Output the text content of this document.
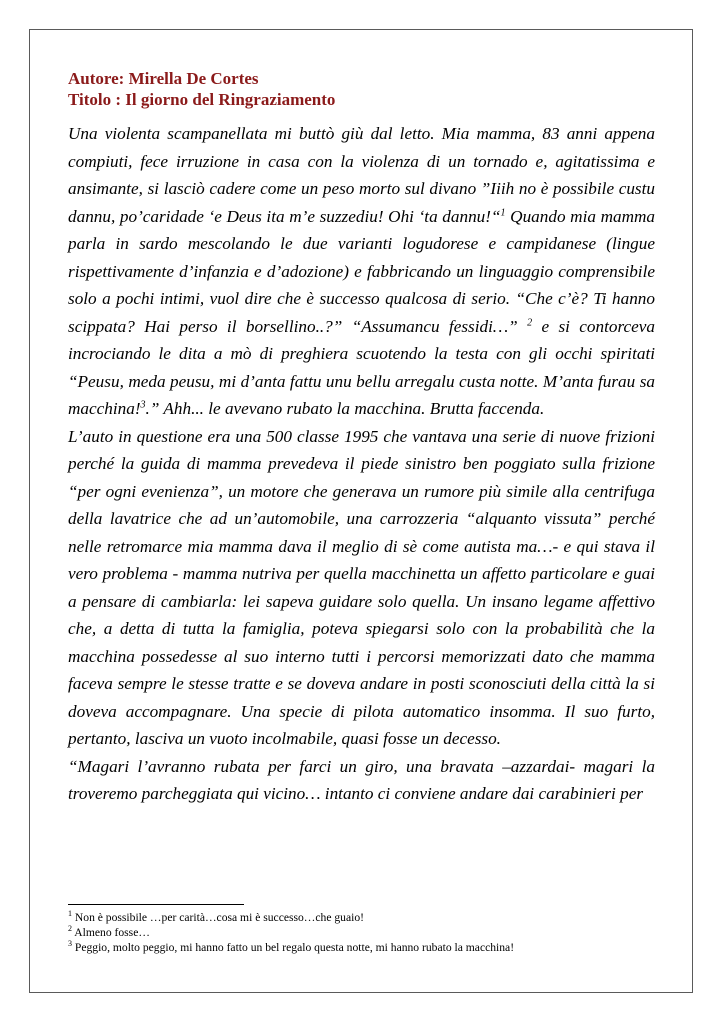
Autore: Mirella De Cortes
Titolo : Il giorno del Ringraziamento

Una violenta scampanellata mi buttò giù dal letto. Mia mamma, 83 anni appena compiuti, fece irruzione in casa con la violenza di un tornado e, agitatissima e ansimante, si lasciò cadere come un peso morto sul divano ”Iiih no è possibile custu dannu, po’caridade ‘e Deus ita m’e suzzediu! Ohi ‘ta dannu!“$^1$ Quando mia mamma parla in sardo mescolando le due varianti logudorese e campidanese (lingue rispettivamente d’infanzia e d’adozione) e fabbricando un linguaggio comprensibile solo a pochi intimi, vuol dire che è successo qualcosa di serio. “Che c’è? Ti hanno scippata? Hai perso il borsellino..?” “Assumancu fessidi…” $^2$ e si contorceva incrociando le dita a mò di preghiera scuotendo la testa con gli occhi spiritati “Peusu, meda peusu, mi d’anta fattu unu bellu arregalu custa notte. M’anta furau sa macchina!$^3$.” Ahh... le avevano rubato la macchina. Brutta faccenda.

L’auto in questione era una 500 classe 1995 che vantava una serie di nuove frizioni perché la guida di mamma prevedeva il piede sinistro ben poggiato sulla frizione “per ogni evenienza”, un motore che generava un rumore più simile alla centrifuga della lavatrice che ad un’automobile, una carrozzeria “alquanto vissuta” perché nelle retromarce mia mamma dava il meglio di sè come autista ma…- e qui stava il vero problema - mamma nutriva per quella macchinetta un affetto particolare e guai a pensare di cambiarla: lei sapeva guidare solo quella. Un insano legame affettivo che, a detta di tutta la famiglia, poteva spiegarsi solo con la probabilità che la macchina possedesse al suo interno tutti i percorsi memorizzati dato che mamma faceva sempre le stesse tratte e se doveva andare in posti sconosciuti della città la si doveva accompagnare. Una specie di pilota automatico insomma. Il suo furto, pertanto, lasciva un vuoto incolmabile, quasi fosse un decesso.

“Magari l’avranno rubata per farci un giro, una bravata –azzardai- magari la troveremo parcheggiata qui vicino… intanto ci conviene andare dai carabinieri per

$^1$ Non è possibile …per carità…cosa mi è successo…che guaio!
$^2$ Almeno fosse…
$^3$ Peggio, molto peggio, mi hanno fatto un bel regalo questa notte, mi hanno rubato la macchina!
